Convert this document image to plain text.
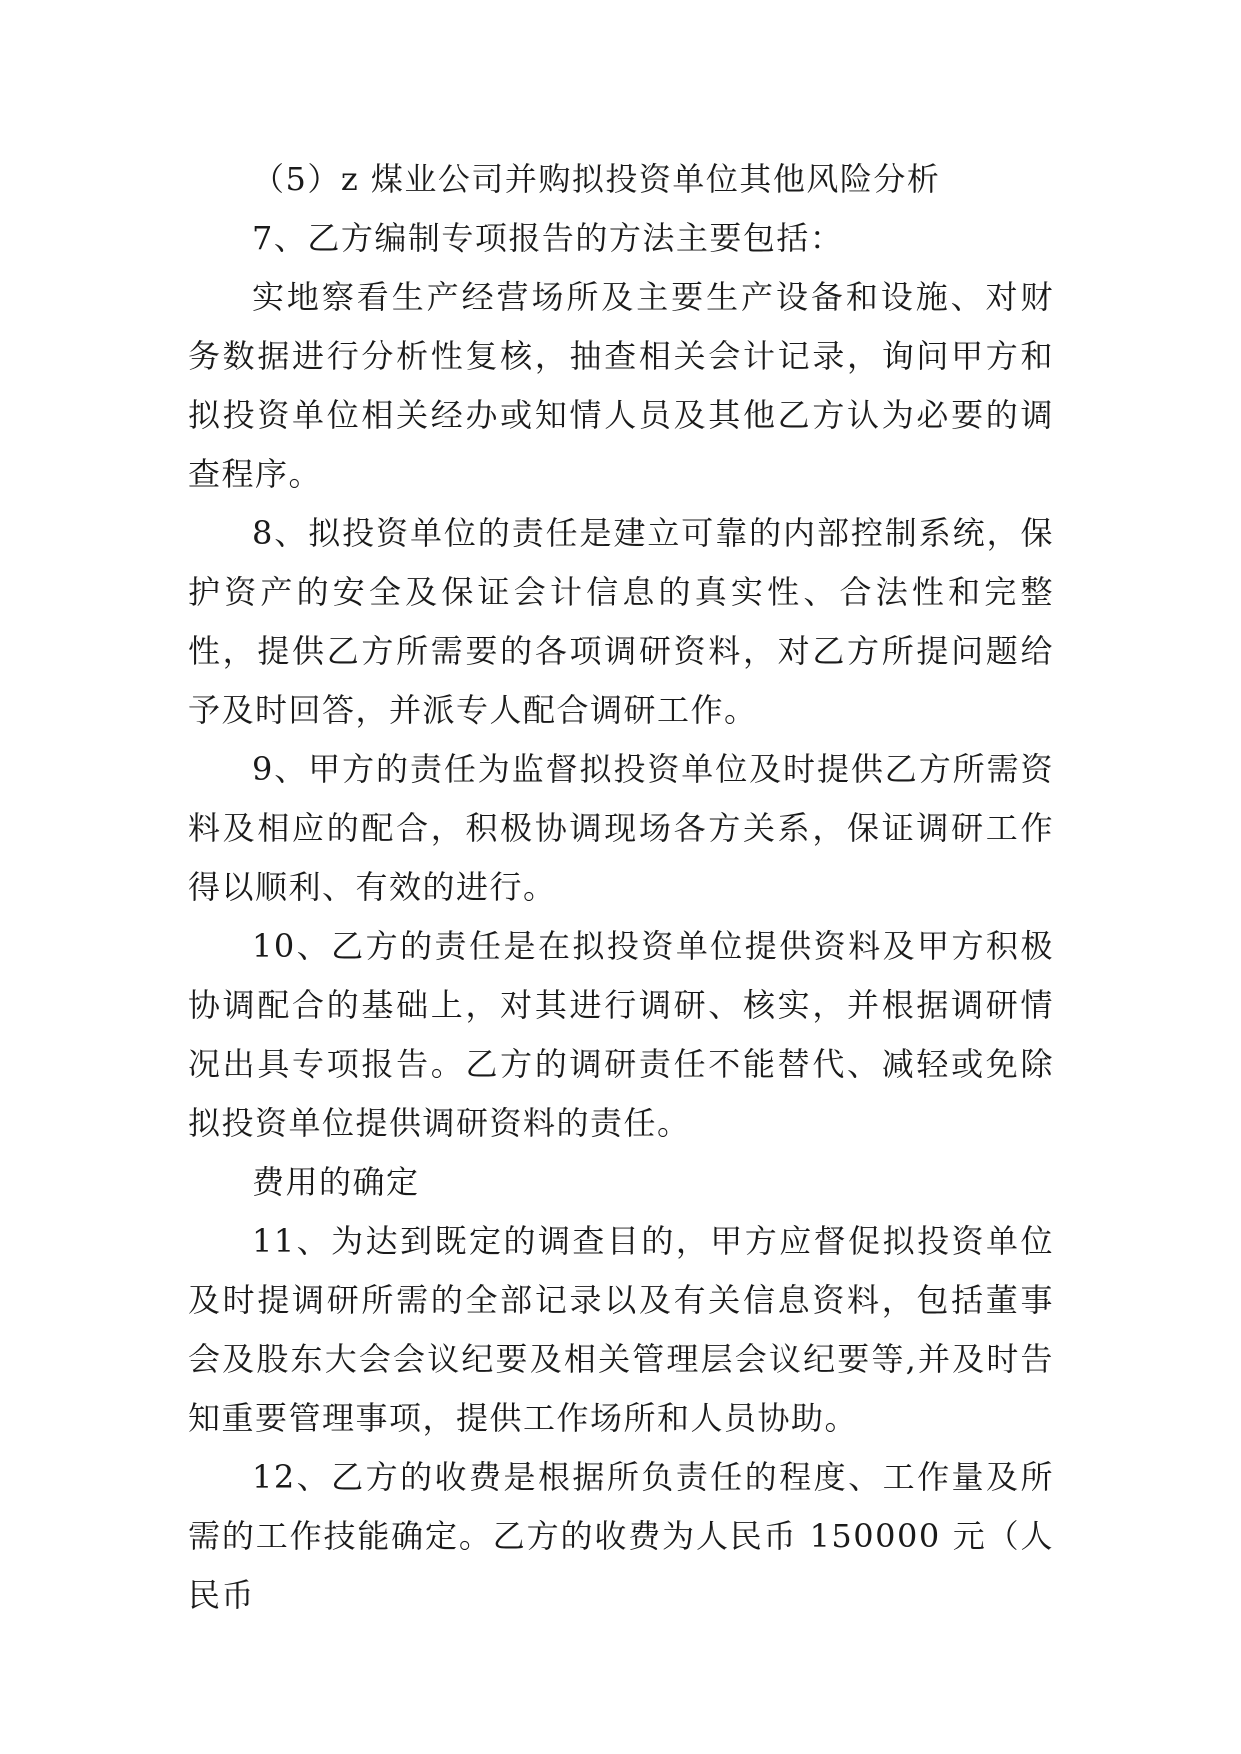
（5）z 煤业公司并购拟投资单位其他风险分析

7、乙方编制专项报告的方法主要包括：

实地察看生产经营场所及主要生产设备和设施、对财务数据进行分析性复核，抽查相关会计记录，询问甲方和拟投资单位相关经办或知情人员及其他乙方认为必要的调查程序。

8、拟投资单位的责任是建立可靠的内部控制系统，保护资产的安全及保证会计信息的真实性、合法性和完整性，提供乙方所需要的各项调研资料，对乙方所提问题给予及时回答，并派专人配合调研工作。

9、甲方的责任为监督拟投资单位及时提供乙方所需资料及相应的配合，积极协调现场各方关系，保证调研工作得以顺利、有效的进行。

10、乙方的责任是在拟投资单位提供资料及甲方积极协调配合的基础上，对其进行调研、核实，并根据调研情况出具专项报告。乙方的调研责任不能替代、减轻或免除拟投资单位提供调研资料的责任。

费用的确定

11、为达到既定的调查目的，甲方应督促拟投资单位及时提调研所需的全部记录以及有关信息资料，包括董事会及股东大会会议纪要及相关管理层会议纪要等,并及时告知重要管理事项，提供工作场所和人员协助。

12、乙方的收费是根据所负责任的程度、工作量及所需的工作技能确定。乙方的收费为人民币 150000 元（人民币
